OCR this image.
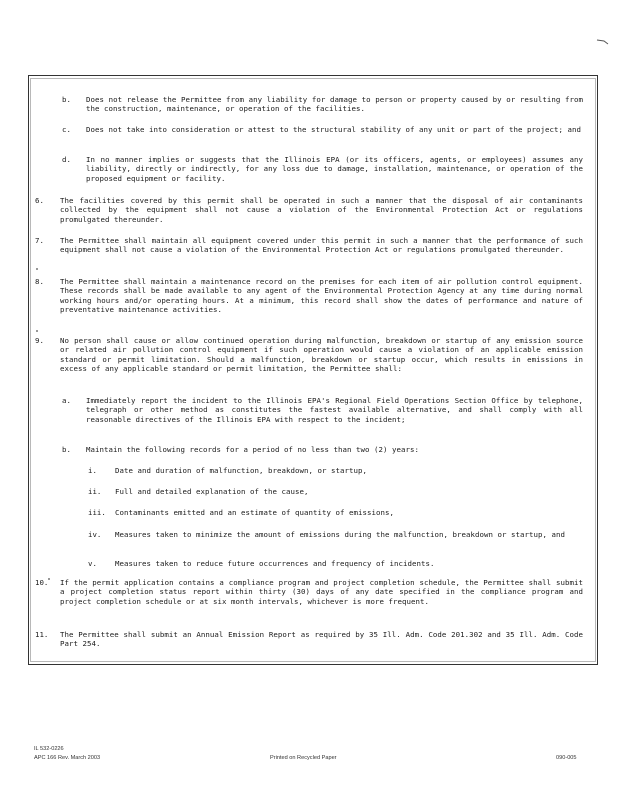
b. Does not release the Permittee from any liability for damage to person or property caused by or resulting from the construction, maintenance, or operation of the facilities.
c. Does not take into consideration or attest to the structural stability of any unit or part of the project; and
d. In no manner implies or suggests that the Illinois EPA (or its officers, agents, or employees) assumes any liability, directly or indirectly, for any loss due to damage, installation, maintenance, or operation of the proposed equipment or facility.
6. The facilities covered by this permit shall be operated in such a manner that the disposal of air contaminants collected by the equipment shall not cause a violation of the Environmental Protection Act or regulations promulgated thereunder.
7. The Permittee shall maintain all equipment covered under this permit in such a manner that the performance of such equipment shall not cause a violation of the Environmental Protection Act or regulations promulgated thereunder.
8. The Permittee shall maintain a maintenance record on the premises for each item of air pollution control equipment. These records shall be made available to any agent of the Environmental Protection Agency at any time during normal working hours and/or operating hours. At a minimum, this record shall show the dates of performance and nature of preventative maintenance activities.
9. No person shall cause or allow continued operation during malfunction, breakdown or startup of any emission source or related air pollution control equipment if such operation would cause a violation of an applicable emission standard or permit limitation. Should a malfunction, breakdown or startup occur, which results in emissions in excess of any applicable standard or permit limitation, the Permittee shall:
a. Immediately report the incident to the Illinois EPA's Regional Field Operations Section Office by telephone, telegraph or other method as constitutes the fastest available alternative, and shall comply with all reasonable directives of the Illinois EPA with respect to the incident;
b. Maintain the following records for a period of no less than two (2) years:
i. Date and duration of malfunction, breakdown, or startup,
ii. Full and detailed explanation of the cause,
iii. Contaminants emitted and an estimate of quantity of emissions,
iv. Measures taken to minimize the amount of emissions during the malfunction, breakdown or startup, and
v. Measures taken to reduce future occurrences and frequency of incidents.
10. If the permit application contains a compliance program and project completion schedule, the Permittee shall submit a project completion status report within thirty (30) days of any date specified in the compliance program and project completion schedule or at six month intervals, whichever is more frequent.
11. The Permittee shall submit an Annual Emission Report as required by 35 Ill. Adm. Code 201.302 and 35 Ill. Adm. Code Part 254.
IL 532-0226
APC 166 Rev. March 2003	Printed on Recycled Paper	090-005
